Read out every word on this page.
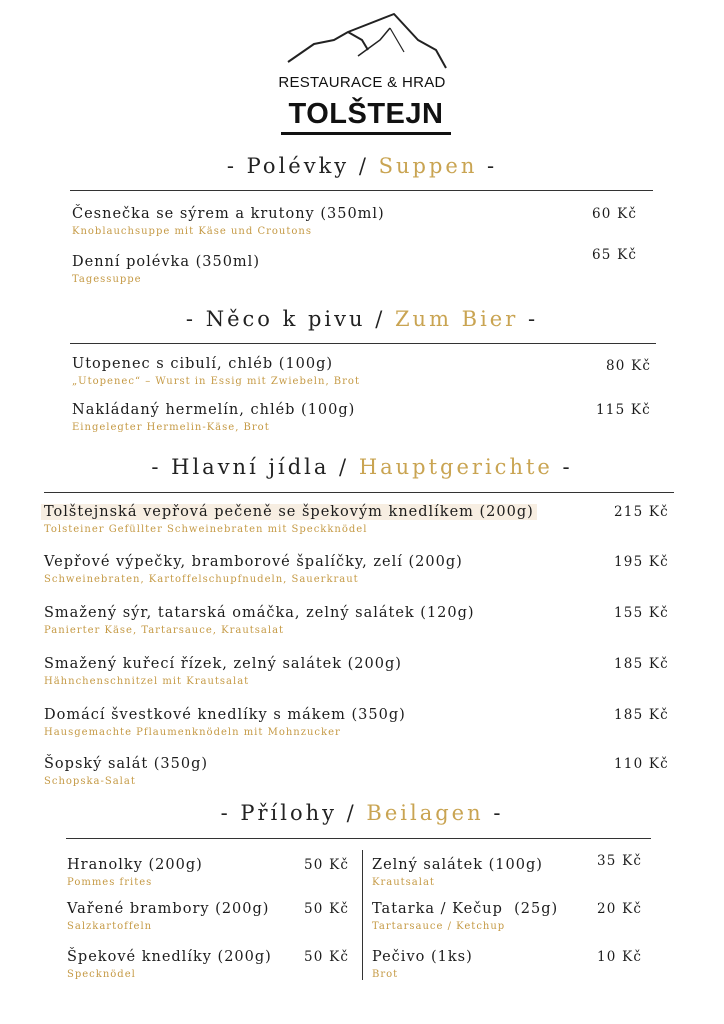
RESTAURACE & HRAD
TOLŠTEJN
- Polévky / Suppen -
Česnečka se sýrem a krutony (350ml)
Knoblauchsuppe mit Käse und Croutons
60 Kč
Denní polévka (350ml)
Tagessuppe
65 Kč
- Něco k pivu / Zum Bier -
Utopenec s cibulí, chléb (100g)
„Utopenec“ – Wurst in Essig mit Zwiebeln, Brot
80 Kč
Nakládaný hermelín, chléb (100g)
Eingelegter Hermelin-Käse, Brot
115 Kč
- Hlavní jídla / Hauptgerichte -
Tolštejnská vepřová pečeně se špekovým knedlíkem (200g)
Tolsteiner Gefüllter Schweinebraten mit Speckknödel
215 Kč
Vepřové výpečky, bramborové špalíčky, zelí (200g)
Schweinebraten, Kartoffelschupfnudeln, Sauerkraut
195 Kč
Smažený sýr, tatarská omáčka, zelný salátek (120g)
Panierter Käse, Tartarsauce, Krautsalat
155 Kč
Smažený kuřecí řízek, zelný salátek (200g)
Hähnchenschnitzel mit Krautsalat
185 Kč
Domácí švestkové knedlíky s mákem (350g)
Hausgemachte Pflaumenknödeln mit Mohnzucker
185 Kč
Šopský salát (350g)
Schopska-Salat
110 Kč
- Přílohy / Beilagen -
Hranolky (200g)
Pommes frites
50 Kč
Vařené brambory (200g)
Salzkartoffeln
50 Kč
Špekové knedlíky (200g)
Specknödel
50 Kč
Zelný salátek (100g)
Krautsalat
35 Kč
Tatarka / Kečup  (25g)
Tartarsauce / Ketchup
20 Kč
Pečivo (1ks)
Brot
10 Kč
